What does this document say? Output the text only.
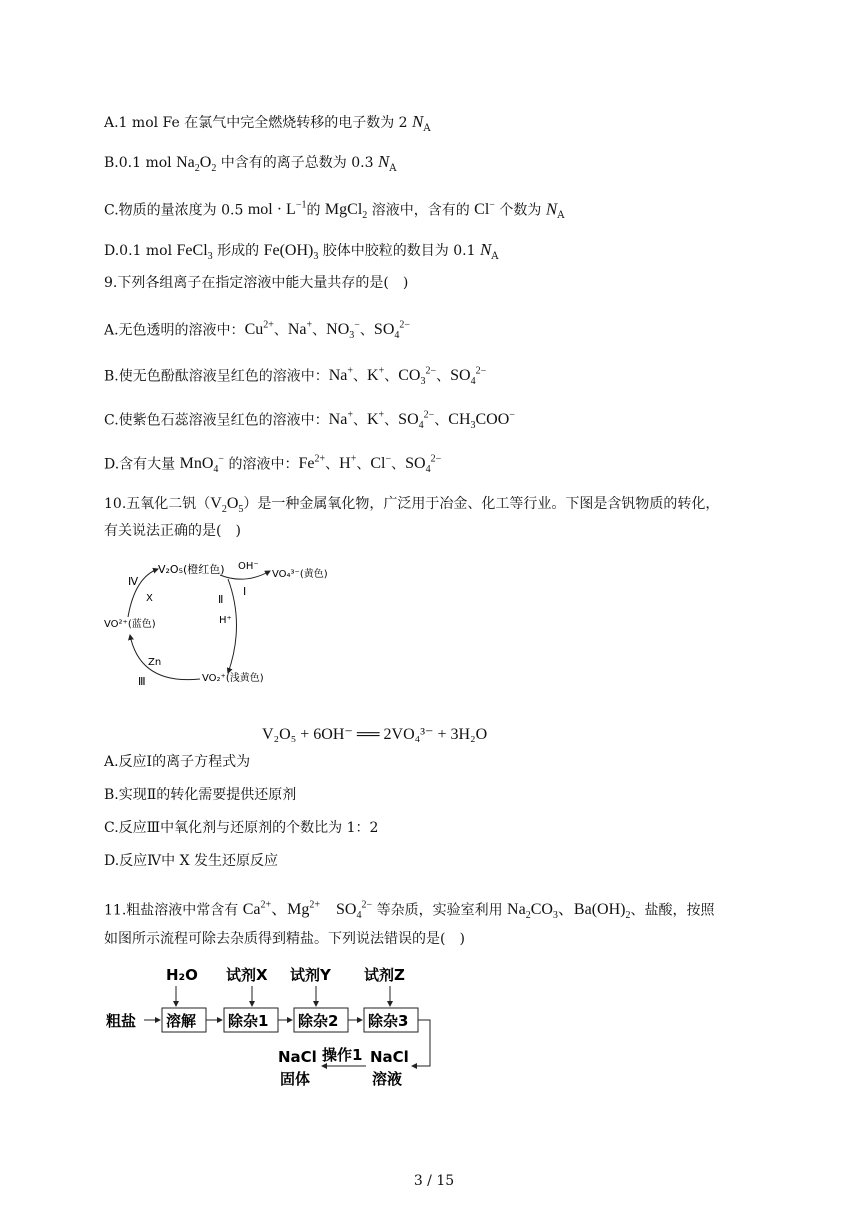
A.1 mol Fe 在氯气中完全燃烧转移的电子数为 2 $N_A$
B.0.1 mol $Na_2O_2$ 中含有的离子总数为 0.3 $N_A$
C.物质的量浓度为 0.5 mol · $L^{-1}$的 MgCl$_2$ 溶液中，含有的 Cl− 个数为 $N_A$
D.0.1 mol FeCl$_3$ 形成的 $Fe(OH)_3$ 胶体中胶粒的数目为 0.1 $N_A$
9.下列各组离子在指定溶液中能大量共存的是(　)
A.无色透明的溶液中：$Cu^{2+}$、Na+、$NO_3^-$、$SO_4^{2-}$
B.使无色酚酞溶液呈红色的溶液中：Na+、K+、$CO_3^{2-}$、$SO_4^{2-}$
C.使紫色石蕊溶液呈红色的溶液中：Na+、K+、$SO_4^{2-}$、$CH_3COO^-$
D.含有大量 MnO$_4$− 的溶液中：$Fe^{2+}$、H+、Cl−、$SO_4^{2-}$
10.五氧化二钒$(V_2O_5)$是一种金属氧化物，广泛用于冶金、化工等行业。下图是含钒物质的转化，
有关说法正确的是(　)
V₂O₅(橙红色)	VO₄³⁻(黄色)
VO²⁺(蓝色)
VO₂⁺(浅黄色)
OH⁻
Ⅰ
Ⅱ
H⁺
Zn
Ⅲ
X
Ⅳ
V₂O₅ + 6OH⁻ ══ 2VO₄³⁻ + 3H₂O
A.反应Ⅰ的离子方程式为
B.实现Ⅱ的转化需要提供还原剂
C.反应Ⅲ中氧化剂与还原剂的个数比为 1：2
D.反应Ⅳ中 X 发生还原反应
11.粗盐溶液中常含有 $Ca^{2+}$、$Mg^{2+}$　$SO_4^{2-}$ 等杂质，实验室利用 $Na_2CO_3$、$Ba(OH)_2$、盐酸，按照
如图所示流程可除去杂质得到精盐。下列说法错误的是(　)
粗盐
H₂O 试剂X 试剂Y 试剂Z
溶解 除杂1 除杂2 除杂3
NaCl
溶液
操作1
NaCl
固体
3 / 15
